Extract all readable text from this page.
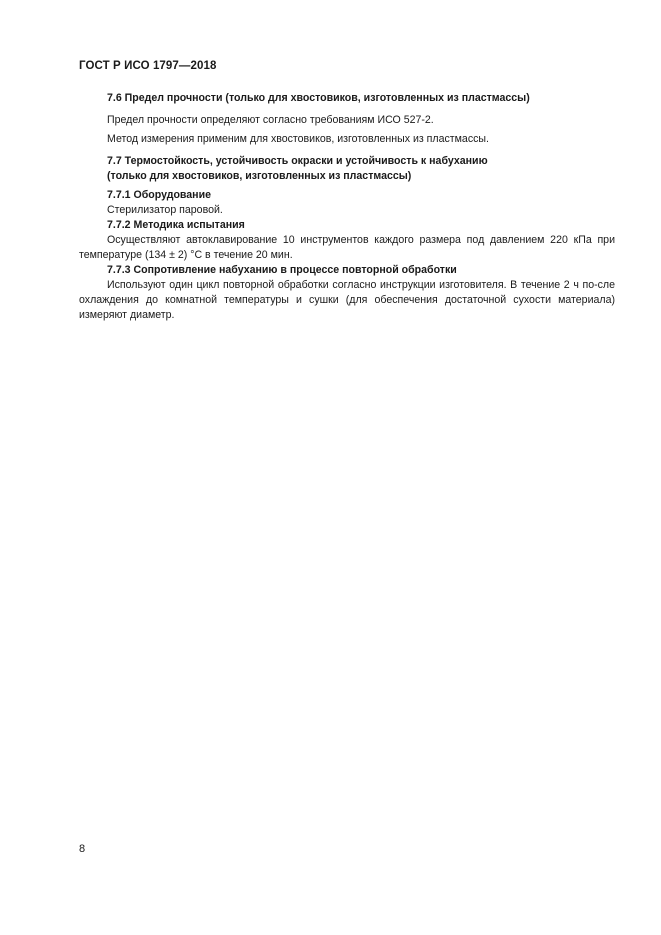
ГОСТ Р ИСО 1797—2018

7.6 Предел прочности (только для хвостовиков, изготовленных из пластмассы)

Предел прочности определяют согласно требованиям ИСО 527-2.

Метод измерения применим для хвостовиков, изготовленных из пластмассы.

7.7 Термостойкость, устойчивость окраски и устойчивость к набуханию

(только для хвостовиков, изготовленных из пластмассы)

7.7.1 Оборудование

Стерилизатор паровой.

7.7.2 Методика испытания

Осуществляют автоклавирование 10 инструментов каждого размера под давлением 220 кПа при температуре (134 ± 2) °С в течение 20 мин.

7.7.3 Сопротивление набуханию в процессе повторной обработки

Используют один цикл повторной обработки согласно инструкции изготовителя. В течение 2 ч по-сле охлаждения до комнатной температуры и сушки (для обеспечения достаточной сухости материала) измеряют диаметр.

8
